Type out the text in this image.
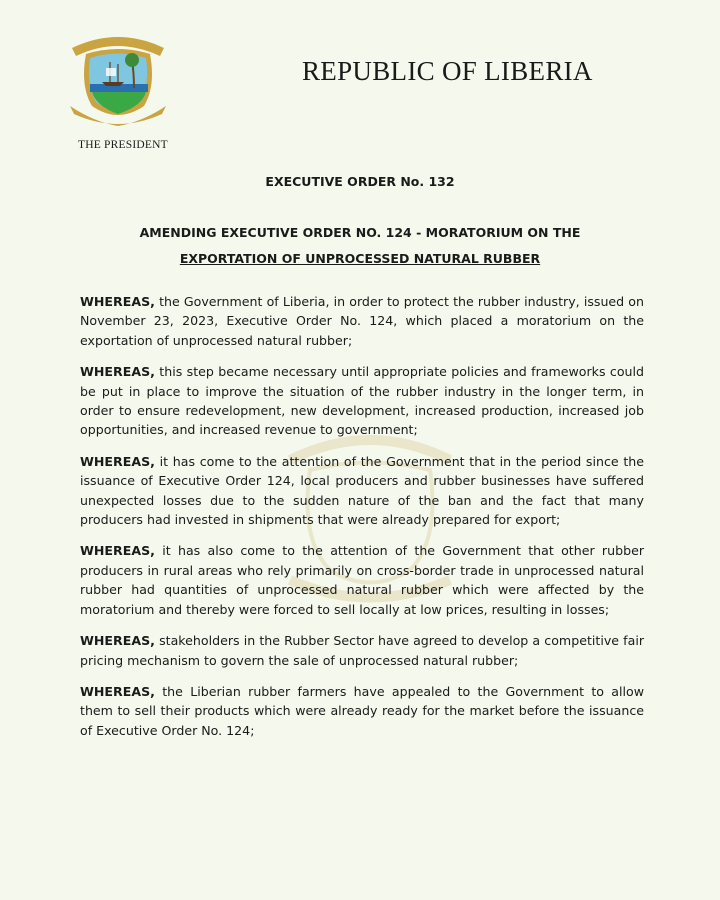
THE PRESIDENT
REPUBLIC OF LIBERIA
EXECUTIVE ORDER No. 132
AMENDING EXECUTIVE ORDER NO. 124 - MORATORIUM ON THE
EXPORTATION OF UNPROCESSED NATURAL RUBBER

WHEREAS, the Government of Liberia, in order to protect the rubber industry, issued on November 23, 2023, Executive Order No. 124, which placed a moratorium on the exportation of unprocessed natural rubber;

WHEREAS, this step became necessary until appropriate policies and frameworks could be put in place to improve the situation of the rubber industry in the longer term, in order to ensure redevelopment, new development, increased production, increased job opportunities, and increased revenue to government;

WHEREAS, it has come to the attention of the Government that in the period since the issuance of Executive Order 124, local producers and rubber businesses have suffered unexpected losses due to the sudden nature of the ban and the fact that many producers had invested in shipments that were already prepared for export;

WHEREAS, it has also come to the attention of the Government that other rubber producers in rural areas who rely primarily on cross-border trade in unprocessed natural rubber had quantities of unprocessed natural rubber which were affected by the moratorium and thereby were forced to sell locally at low prices, resulting in losses;

WHEREAS, stakeholders in the Rubber Sector have agreed to develop a competitive fair pricing mechanism to govern the sale of unprocessed natural rubber;

WHEREAS, the Liberian rubber farmers have appealed to the Government to allow them to sell their products which were already ready for the market before the issuance of Executive Order No. 124;
